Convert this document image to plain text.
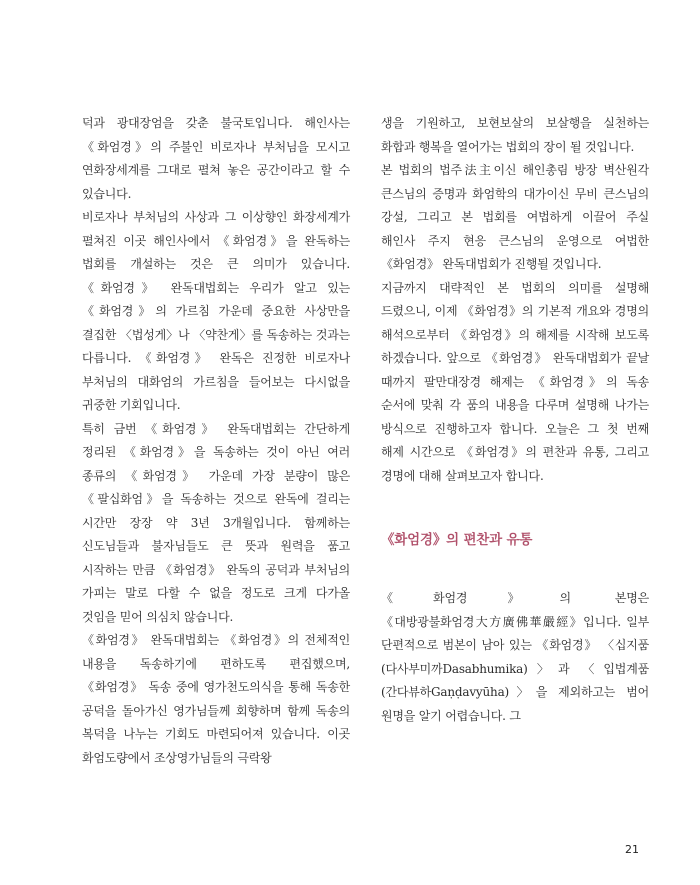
덕과 광대장엄을 갖춘 불국토입니다. 해인사는 《화엄경》의 주불인 비로자나 부처님을 모시고 연화장세계를 그대로 펼쳐 놓은 공간이라고 할 수 있습니다.

비로자나 부처님의 사상과 그 이상향인 화장세계가 펼쳐진 이곳 해인사에서 《화엄경》을 완독하는 법회를 개설하는 것은 큰 의미가 있습니다. 《화엄경》 완독대법회는 우리가 알고 있는 《화엄경》의 가르침 가운데 중요한 사상만을 결집한 〈법성게〉나 〈약찬게〉를 독송하는 것과는 다릅니다. 《화엄경》 완독은 진정한 비로자나 부처님의 대화엄의 가르침을 들어보는 다시없을 귀중한 기회입니다.

특히 금번 《화엄경》 완독대법회는 간단하게 정리된 《화엄경》을 독송하는 것이 아닌 여러 종류의 《화엄경》 가운데 가장 분량이 많은 《팔십화엄》을 독송하는 것으로 완독에 걸리는 시간만 장장 약 3년 3개월입니다. 함께하는 신도님들과 불자님들도 큰 뜻과 원력을 품고 시작하는 만큼 《화엄경》 완독의 공덕과 부처님의 가피는 말로 다할 수 없을 정도로 크게 다가올 것임을 믿어 의심치 않습니다.

《화엄경》 완독대법회는 《화엄경》의 전체적인 내용을 독송하기에 편하도록 편집했으며, 《화엄경》 독송 중에 영가천도의식을 통해 독송한 공덕을 돌아가신 영가님들께 회향하며 함께 독송의 복덕을 나누는 기회도 마련되어져 있습니다. 이곳 화엄도량에서 조상영가님들의 극락왕

생을 기원하고, 보현보살의 보살행을 실천하는 화합과 행복을 열어가는 법회의 장이 될 것입니다.

본 법회의 법주法主이신 해인총림 방장 벽산원각 큰스님의 증명과 화엄학의 대가이신 무비 큰스님의 강설, 그리고 본 법회를 여법하게 이끌어 주실 해인사 주지 현응 큰스님의 운영으로 여법한 《화엄경》 완독대법회가 진행될 것입니다.

지금까지 대략적인 본 법회의 의미를 설명해 드렸으니, 이제 《화엄경》의 기본적 개요와 경명의 해석으로부터 《화엄경》의 해제를 시작해 보도록 하겠습니다. 앞으로 《화엄경》 완독대법회가 끝날 때까지 팔만대장경 해제는 《화엄경》의 독송 순서에 맞춰 각 품의 내용을 다루며 설명해 나가는 방식으로 진행하고자 합니다. 오늘은 그 첫 번째 해제 시간으로 《화엄경》의 편찬과 유통, 그리고 경명에 대해 살펴보고자 합니다.

《화엄경》의 편찬과 유통

《화엄경》의 본명은 《대방광불화엄경大方廣佛華嚴經》입니다. 일부 단편적으로 범본이 남아 있는 《화엄경》 〈십지품(다사부미까Dasabhumika)〉과 〈입법계품(간다뷰하Gaṇḍavyūha)〉을 제외하고는 범어 원명을 알기 어렵습니다. 그

21
